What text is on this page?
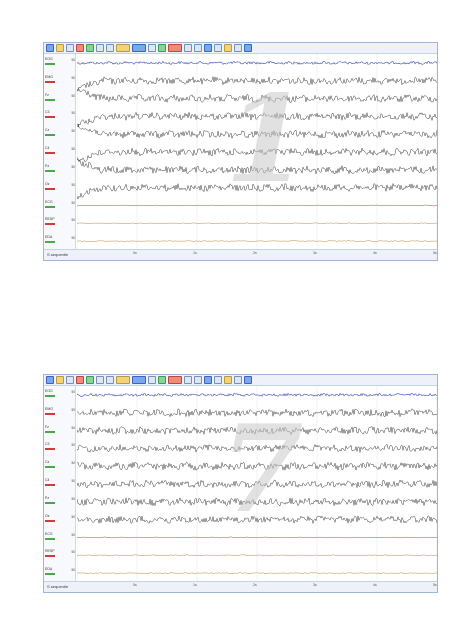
EOG	50
EMG	50
Fz	50
C3	50
Cz	50
C4	50
Pz	50
Oz	50
ECG	50
RESP	50
EDA	50
S sequentie	0s	1s	2s	3s	4s	5s
1
EOG	50
EMG	50
Fz	50
C3	50
Cz	50
C4	50
Pz	50
Oz	50
ECG	50
RESP	50
EDA	50
S sequentie	0s	1s	2s	3s	4s	5s
7
